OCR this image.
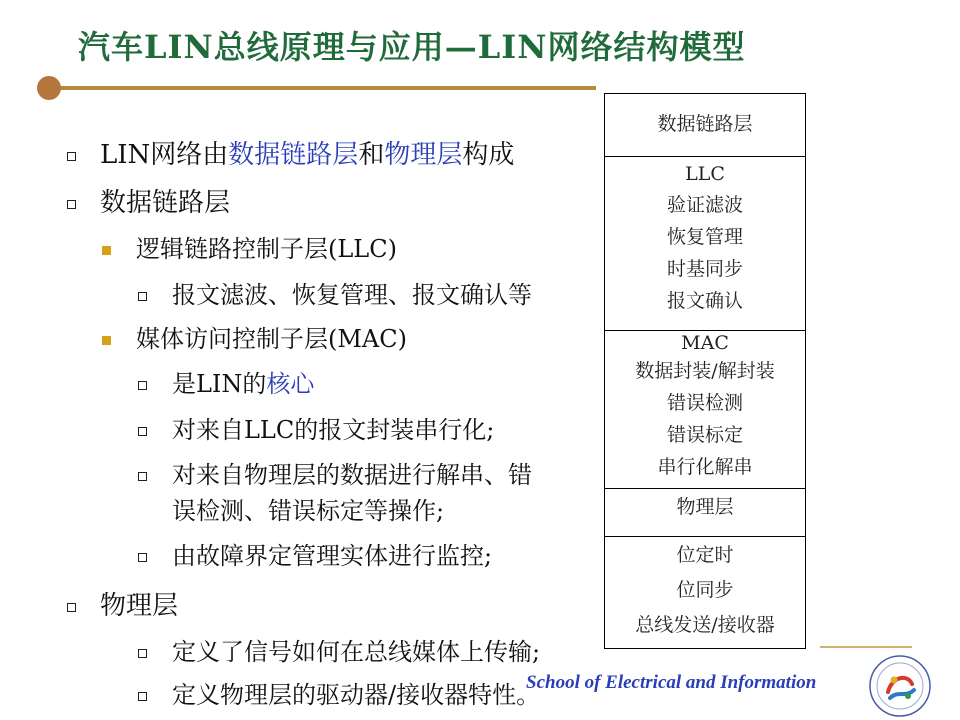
汽车LIN总线原理与应用—LIN网络结构模型
LIN网络由数据链路层和物理层构成
数据链路层
逻辑链路控制子层(LLC)
报文滤波、恢复管理、报文确认等
媒体访问控制子层(MAC)
是LIN的核心
对来自LLC的报文封装串行化;
对来自物理层的数据进行解串、错
误检测、错误标定等操作;
由故障界定管理实体进行监控;
物理层
定义了信号如何在总线媒体上传输;
定义物理层的驱动器/接收器特性。
数据链路层
LLC
验证滤波
恢复管理
时基同步
报文确认
MAC
数据封装/解封装
错误检测
错误标定
串行化解串
物理层
位定时
位同步
总线发送/接收器
School of Electrical and Information
